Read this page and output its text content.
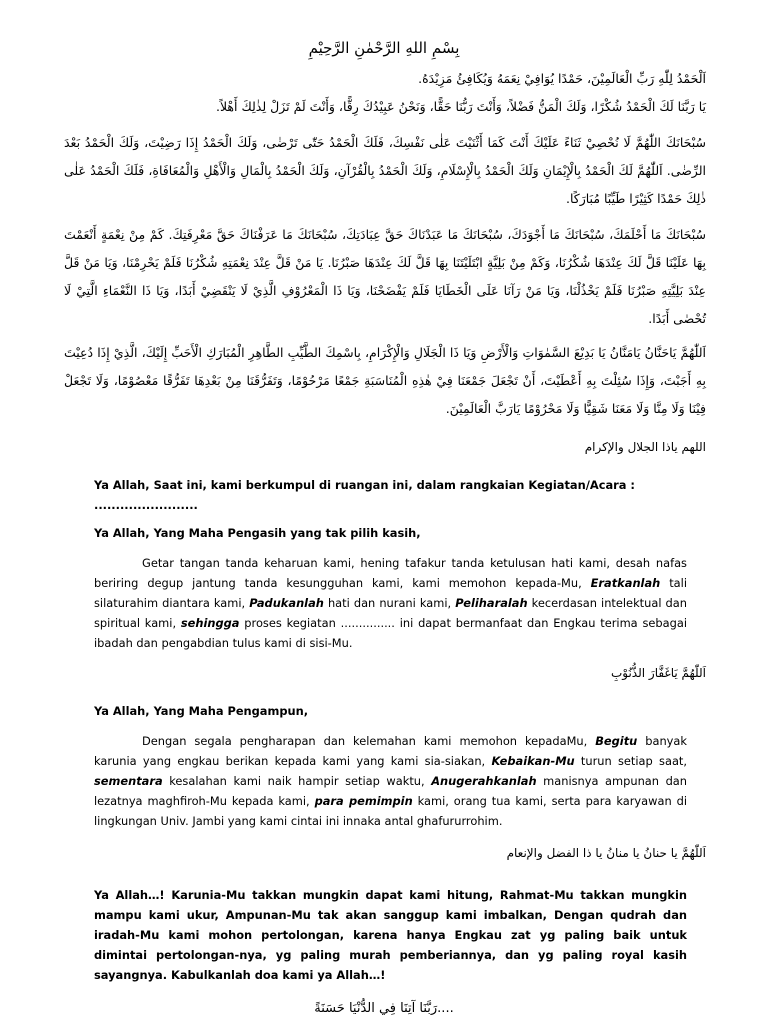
بِسْمِ اللهِ الرَّحْمٰنِ الرَّحِيْمِ

اَلْحَمْدُ لِلّٰهِ رَبِّ الْعَالَمِيْنَ، حَمْدًا يُوَافِيْ نِعَمَهُ وَيُكَافِئُ مَزِيْدَهُ.

يَا رَبَّنَا لَكَ الْحَمْدُ شُكْرًا، وَلَكَ الْمَنُّ فَضْلاً، وَأَنْتَ رَبُّنَا حَقًّا، وَنَحْنُ عَبِيْدُكَ رِقًّا، وَأَنْتَ لَمْ تَزَلْ لِذٰلِكَ أَهْلاً.

سُبْحَانَكَ اللّٰهُمَّ لَا نُحْصِيْ ثَنَاءً عَلَيْكَ أَنْتَ كَمَا أَثْنَيْتَ عَلٰى نَفْسِكَ، فَلَكَ الْحَمْدُ حَتّٰى تَرْضٰى، وَلَكَ الْحَمْدُ إِذَا رَضِيْتَ، وَلَكَ الْحَمْدُ بَعْدَ الرِّضٰى. اَللّٰهُمَّ لَكَ الْحَمْدُ بِالْإِيْمَانِ وَلَكَ الْحَمْدُ بِالْإِسْلَامِ، وَلَكَ الْحَمْدُ بِالْقُرْآنِ، وَلَكَ الْحَمْدُ بِالْمَالِ وَالْأَهْلِ وَالْمُعَافَاةِ، فَلَكَ الْحَمْدُ عَلٰى ذٰلِكَ حَمْدًا كَثِيْرًا طَيِّبًا مُبَارَكًا.

سُبْحَانَكَ مَا أَحْلَمَكَ، سُبْحَانَكَ مَا أَجْوَدَكَ، سُبْحَانَكَ مَا عَبَدْنَاكَ حَقَّ عِبَادَتِكَ، سُبْحَانَكَ مَا عَرَفْنَاكَ حَقَّ مَعْرِفَتِكَ. كَمْ مِنْ نِعْمَةٍ أَنْعَمْتَ بِهَا عَلَيْنَا قَلَّ لَكَ عِنْدَهَا شُكْرُنَا، وَكَمْ مِنْ بَلِيَّةٍ ابْتَلَيْتَنَا بِهَا قَلَّ لَكَ عِنْدَهَا صَبْرُنَا. يَا مَنْ قَلَّ عِنْدَ نِعْمَتِهِ شُكْرُنَا فَلَمْ يَحْرِمْنَا، وَيَا مَنْ قَلَّ عِنْدَ بَلِيَّتِهِ صَبْرُنَا فَلَمْ يَخْذُلْنَا، وَيَا مَنْ رَآنَا عَلَى الْخَطَايَا فَلَمْ يَفْضَحْنَا، وَيَا ذَا الْمَعْرُوْفِ الَّذِيْ لَا يَنْقَضِيْ أَبَدًا، وَيَا ذَا النَّعْمَاءِ الَّتِيْ لَا تُحْصٰى أَبَدًا.

اَللّٰهُمَّ يَاحَنَّانُ يَامَنَّانُ يَا بَدِيْعَ السَّمٰوَاتِ وَالْأَرْضِ وَيَا ذَا الْجَلَالِ وَالْإِكْرَامِ، بِاسْمِكَ الطَّيِّبِ الطَّاهِرِ الْمُبَارَكِ الْأَحَبِّ إِلَيْكَ، الَّذِيْ إِذَا دُعِيْتَ بِهِ أَجَبْتَ، وَإِذَا سُئِلْتَ بِهِ أَعْطَيْتَ، أَنْ تَجْعَلَ جَمْعَنَا فِيْ هٰذِهِ الْمُنَاسَبَةِ جَمْعًا مَرْحُوْمًا، وَتَفَرُّقَنَا مِنْ بَعْدِهَا تَفَرُّقًا مَعْصُوْمًا، وَلَا تَجْعَلْ فِيْنَا وَلَا مِنَّا وَلَا مَعَنَا شَقِيًّا وَلَا مَحْرُوْمًا يَارَبَّ الْعَالَمِيْنَ.

اللهم ياذا الجلال والإكرام

Ya Allah, Saat ini, kami berkumpul di ruangan ini, dalam rangkaian Kegiatan/Acara : ........................

Ya Allah, Yang Maha Pengasih yang tak pilih kasih,

Getar tangan tanda keharuan kami, hening tafakur tanda ketulusan hati kami, desah nafas beriring degup jantung tanda kesungguhan kami, kami memohon kepada-Mu, Eratkanlah tali silaturahim diantara kami, Padukanlah hati dan nurani kami, Peliharalah kecerdasan intelektual dan spiritual kami, sehingga proses kegiatan ............... ini dapat bermanfaat dan Engkau terima sebagai ibadah dan pengabdian tulus kami di sisi-Mu.

اَللّٰهُمَّ يَاغَفَّارَ الذُّنُوْبِ

Ya Allah, Yang Maha Pengampun,

Dengan segala pengharapan dan kelemahan kami memohon kepadaMu, Begitu banyak karunia yang engkau berikan kepada kami yang kami sia-siakan, Kebaikan-Mu turun setiap saat, sementara kesalahan kami naik hampir setiap waktu, Anugerahkanlah manisnya ampunan dan lezatnya maghfiroh-Mu kepada kami, para pemimpin kami, orang tua kami, serta para karyawan di lingkungan Univ. Jambi yang kami cintai ini innaka antal ghafururrohim.

اَللّٰهُمَّ يا حنانُ يا منانُ يا ذا الفضل والإنعام

Ya Allah…! Karunia-Mu takkan mungkin dapat kami hitung, Rahmat-Mu takkan mungkin mampu kami ukur, Ampunan-Mu tak akan sanggup kami imbalkan, Dengan qudrah dan iradah-Mu kami mohon pertolongan, karena hanya Engkau zat yg paling baik untuk dimintai pertolongan-nya, yg paling murah pemberiannya, dan yg paling royal kasih sayangnya. Kabulkanlah doa kami ya Allah…!

....رَبَّنَا آتِنَا فِي الدُّنْيَا حَسَنَةً
